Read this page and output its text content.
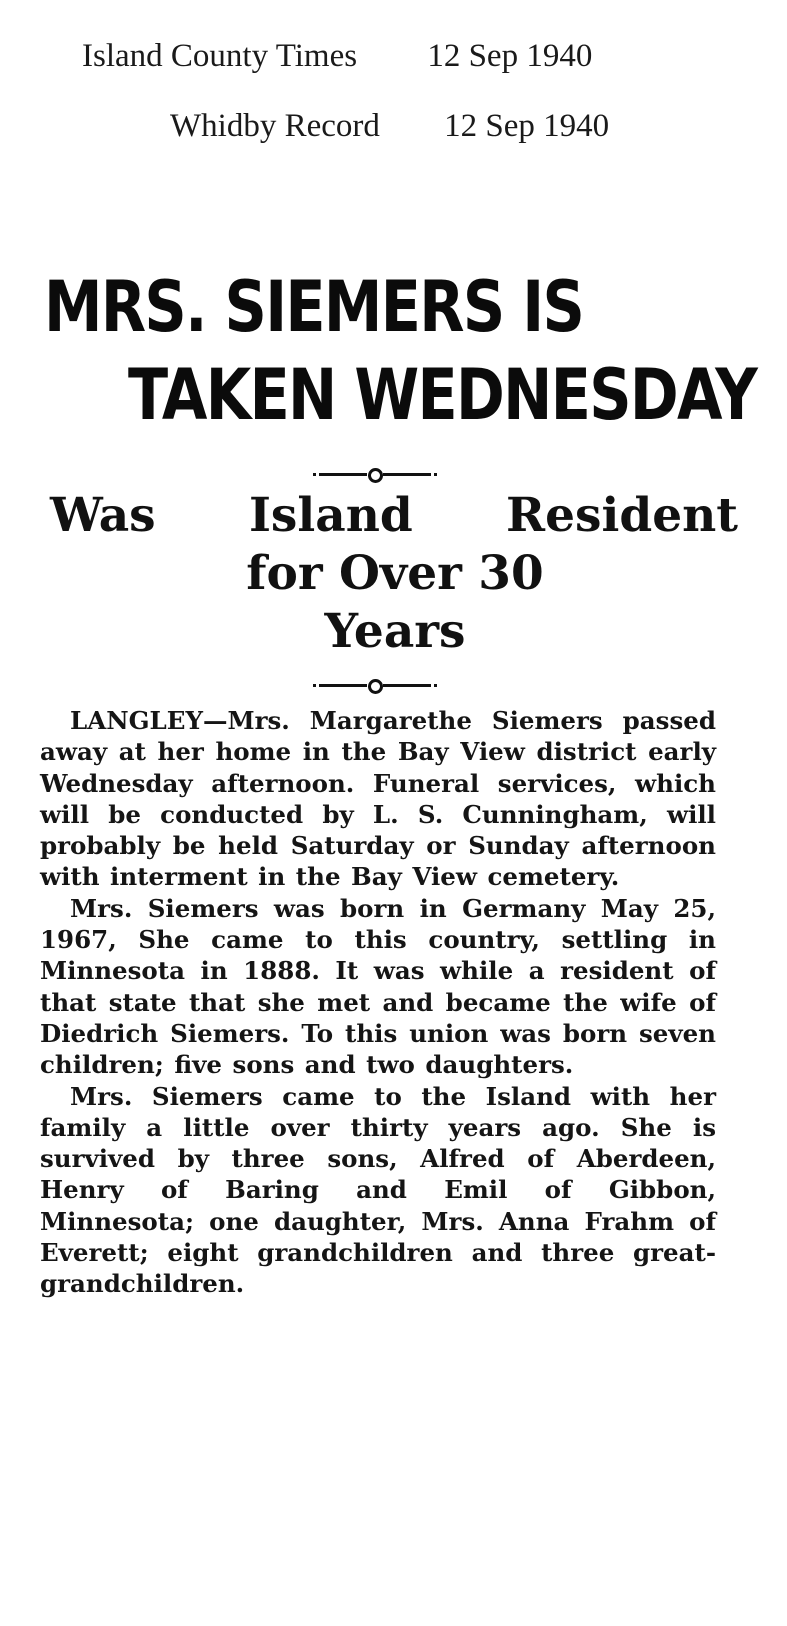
Island County Times 12 Sep 1940
Whidby Record 12 Sep 1940
MRS. SIEMERS IS
TAKEN WEDNESDAY
Was Island Resident
for Over 30
Years

LANGLEY—Mrs. Margarethe Siemers passed away at her home in the Bay View district early Wednesday afternoon. Funeral services, which will be conducted by L. S. Cunningham, will probably be held Saturday or Sunday afternoon with interment in the Bay View cemetery.

Mrs. Siemers was born in Germany May 25, 1967, She came to this country, settling in Minnesota in 1888. It was while a resident of that state that she met and became the wife of Diedrich Siemers. To this union was born seven children; five sons and two daughters.

Mrs. Siemers came to the Island with her family a little over thirty years ago. She is survived by three sons, Alfred of Aberdeen, Henry of Baring and Emil of Gibbon, Minnesota; one daughter, Mrs. Anna Frahm of Everett; eight grandchildren and three great-grandchildren.
